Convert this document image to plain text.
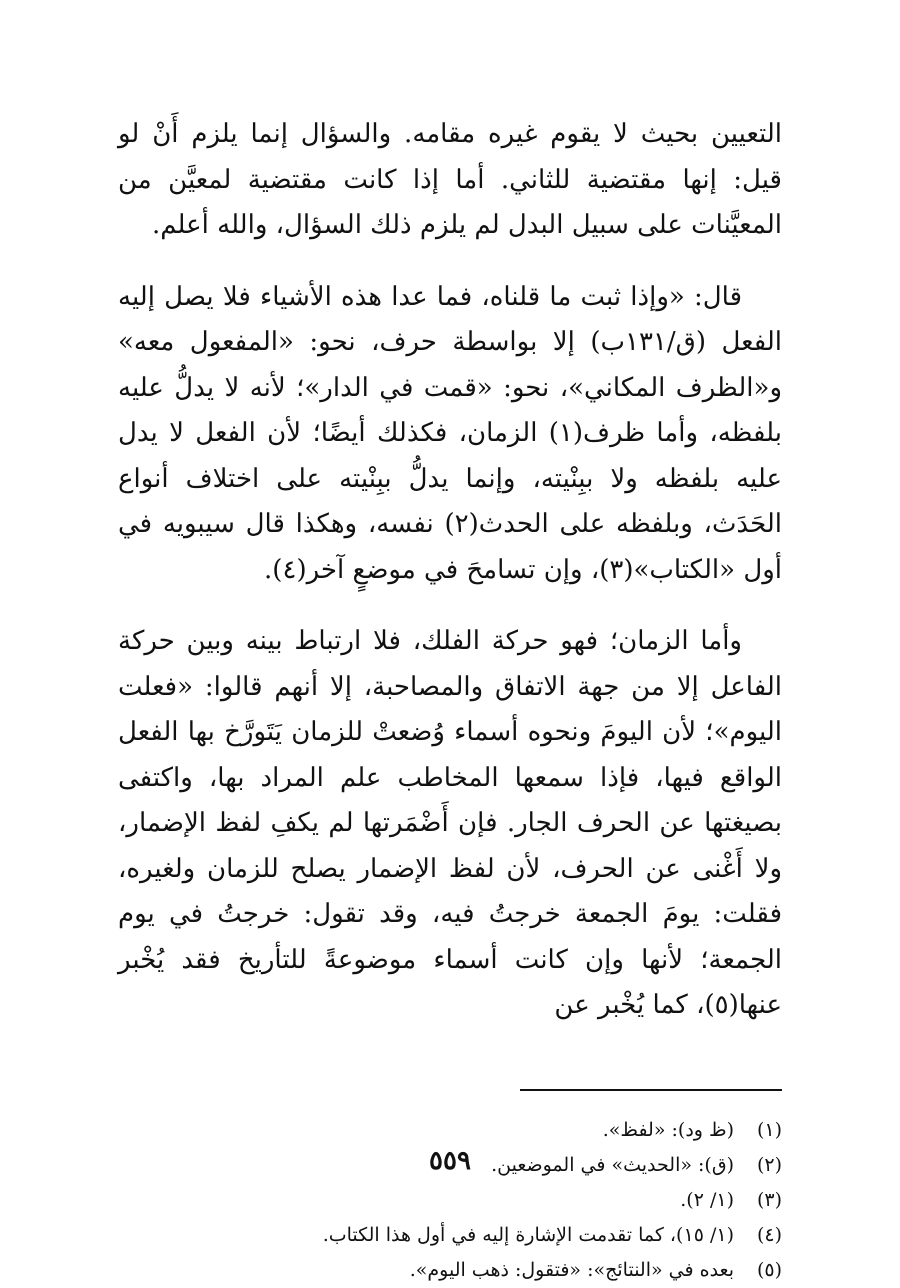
التعيين بحيث لا يقوم غيره مقامه. والسؤال إنما يلزم أَنْ لو قيل: إنها مقتضية للثاني. أما إذا كانت مقتضية لمعيَّن من المعيَّنات على سبيل البدل لم يلزم ذلك السؤال، والله أعلم.

قال: «وإذا ثبت ما قلناه، فما عدا هذه الأشياء فلا يصل إليه الفعل (ق/١٣١ب) إلا بواسطة حرف، نحو: «المفعول معه» و«الظرف المكاني»، نحو: «قمت في الدار»؛ لأنه لا يدلُّ عليه بلفظه، وأما ظرف(١) الزمان، فكذلك أيضًا؛ لأن الفعل لا يدل عليه بلفظه ولا ببِنْيته، وإنما يدلُّ ببِنْيته على اختلاف أنواع الحَدَث، وبلفظه على الحدث(٢) نفسه، وهكذا قال سيبويه في أول «الكتاب»(٣)، وإن تسامحَ في موضعٍ آخر(٤).

وأما الزمان؛ فهو حركة الفلك، فلا ارتباط بينه وبين حركة الفاعل إلا من جهة الاتفاق والمصاحبة، إلا أنهم قالوا: «فعلت اليوم»؛ لأن اليومَ ونحوه أسماء وُضعتْ للزمان يَتَورَّخ بها الفعل الواقع فيها، فإذا سمعها المخاطب علم المراد بها، واكتفى بصيغتها عن الحرف الجار. فإن أَضْمَرتها لم يكفِ لفظ الإضمار، ولا أَغْنى عن الحرف، لأن لفظ الإضمار يصلح للزمان ولغيره، فقلت: يومَ الجمعة خرجتُ فيه، وقد تقول: خرجتُ في يوم الجمعة؛ لأنها وإن كانت أسماء موضوعةً للتأريخ فقد يُخْبر عنها(٥)، كما يُخْبر عن

(١)
(ظ ود): «لفظ».
(٢)
(ق): «الحديث» في الموضعين.
(٣)
(١/ ٢).
(٤)
(١/ ١٥)، كما تقدمت الإشارة إليه في أول هذا الكتاب.
(٥)
بعده في «النتائج»: «فتقول: ذهب اليوم».
٥٥٩
